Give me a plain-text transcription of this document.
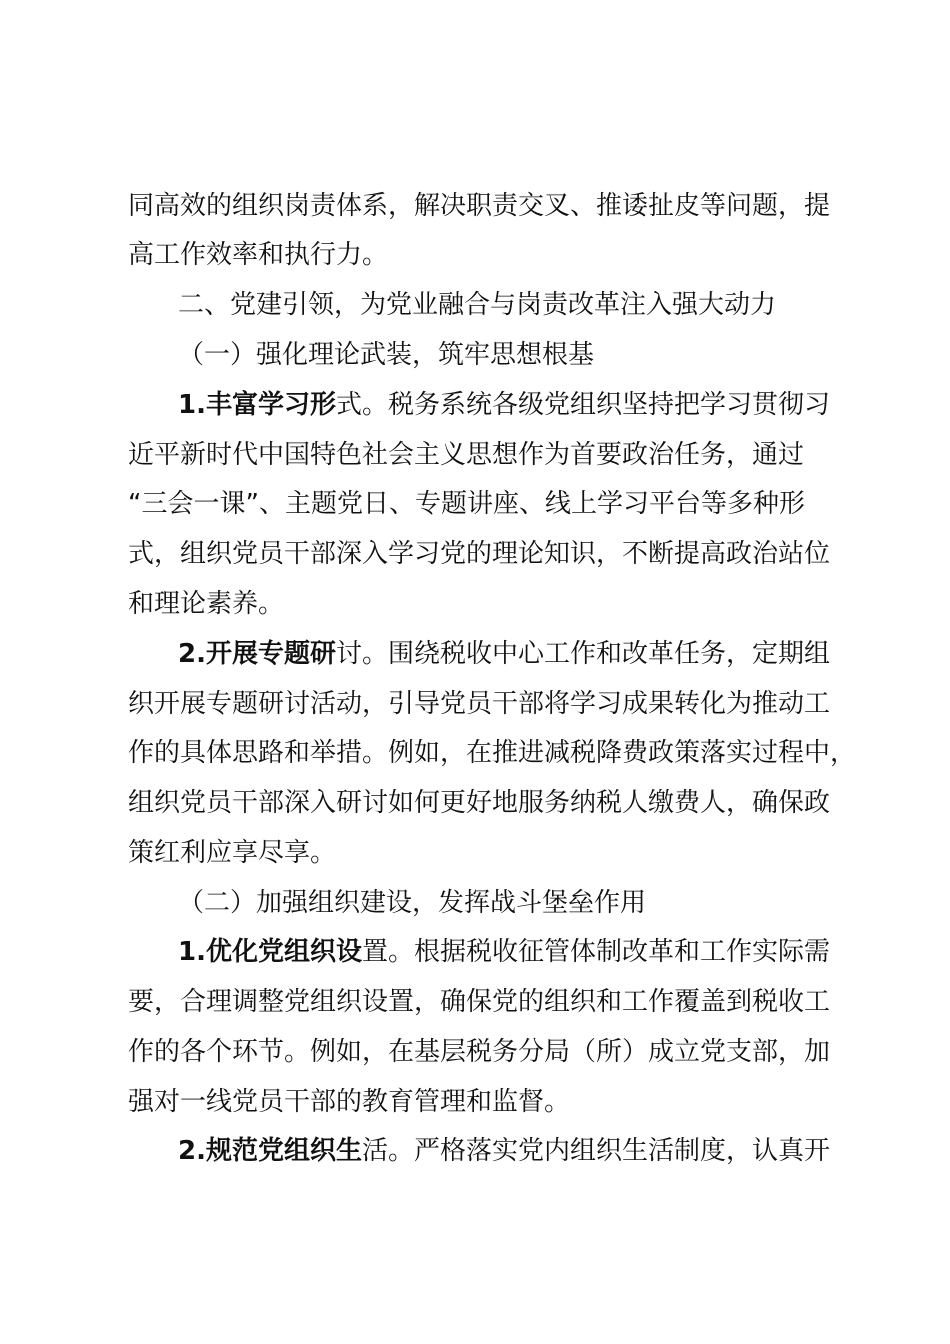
同高效的组织岗责体系，解决职责交叉、推诿扯皮等问题，提
高工作效率和执行力。
二、党建引领，为党业融合与岗责改革注入强大动力
（一）强化理论武装，筑牢思想根基
1.丰富学习形式。税务系统各级党组织坚持把学习贯彻习
近平新时代中国特色社会主义思想作为首要政治任务，通过
“三会一课”、主题党日、专题讲座、线上学习平台等多种形
式，组织党员干部深入学习党的理论知识，不断提高政治站位
和理论素养。
2.开展专题研讨。围绕税收中心工作和改革任务，定期组
织开展专题研讨活动，引导党员干部将学习成果转化为推动工
作的具体思路和举措。例如，在推进减税降费政策落实过程中，
组织党员干部深入研讨如何更好地服务纳税人缴费人，确保政
策红利应享尽享。
（二）加强组织建设，发挥战斗堡垒作用
1.优化党组织设置。根据税收征管体制改革和工作实际需
要，合理调整党组织设置，确保党的组织和工作覆盖到税收工
作的各个环节。例如，在基层税务分局（所）成立党支部，加
强对一线党员干部的教育管理和监督。
2.规范党组织生活。严格落实党内组织生活制度，认真开
